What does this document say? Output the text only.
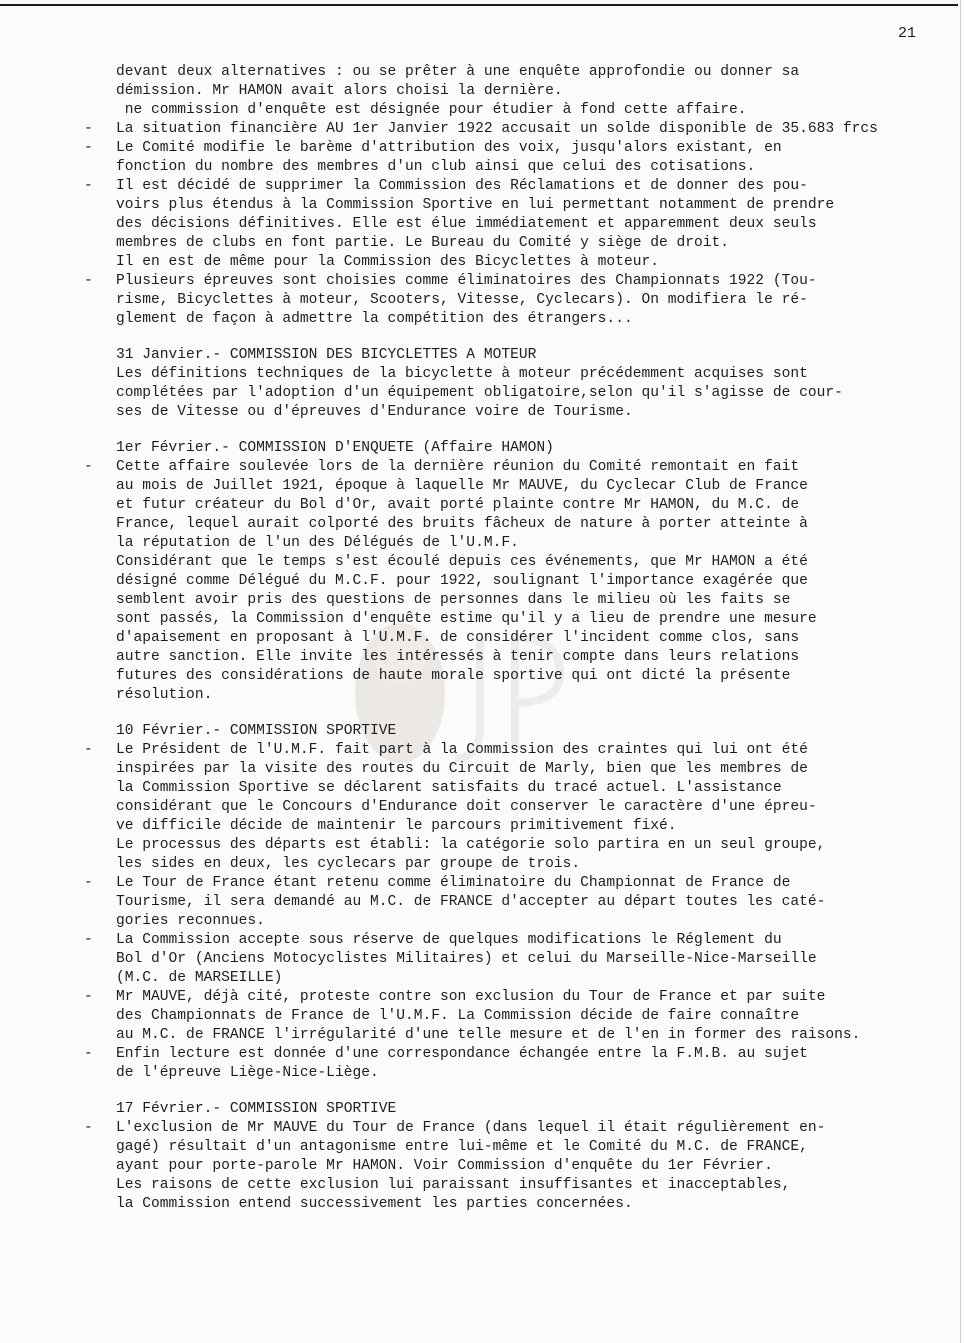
21
devant deux alternatives : ou se prêter à une enquête approfondie ou donner sa
démission. Mr HAMON avait alors choisi la dernière.
ne commission d'enquête est désignée pour étudier à fond cette affaire.
- La situation financière AU 1er Janvier 1922 accusait un solde disponible de 35.683 frcs
- Le Comité modifie le barème d'attribution des voix, jusqu'alors existant, en
fonction du nombre des membres d'un club ainsi que celui des cotisations.
- Il est décidé de supprimer la Commission des Réclamations et de donner des pou-
voirs plus étendus à la Commission Sportive en lui permettant notamment de prendre
des décisions définitives. Elle est élue immédiatement et apparemment deux seuls
membres de clubs en font partie. Le Bureau du Comité y siège de droit.
Il en est de même pour la Commission des Bicyclettes à moteur.
- Plusieurs épreuves sont choisies comme éliminatoires des Championnats 1922 (Tou-
risme, Bicyclettes à moteur, Scooters, Vitesse, Cyclecars). On modifiera le ré-
glement de façon à admettre la compétition des étrangers...
31 Janvier.- COMMISSION DES BICYCLETTES A MOTEUR
Les définitions techniques de la bicyclette à moteur précédemment acquises sont
complétées par l'adoption d'un équipement obligatoire,selon qu'il s'agisse de cour-
ses de Vitesse ou d'épreuves d'Endurance voire de Tourisme.
1er Février.- COMMISSION D'ENQUETE (Affaire HAMON)
- Cette affaire soulevée lors de la dernière réunion du Comité remontait en fait
au mois de Juillet 1921, époque à laquelle Mr MAUVE, du Cyclecar Club de France
et futur créateur du Bol d'Or, avait porté plainte contre Mr HAMON, du M.C. de
France, lequel aurait colporté des bruits fâcheux de nature à porter atteinte à
la réputation de l'un des Délégués de l'U.M.F.
Considérant que le temps s'est écoulé depuis ces événements, que Mr HAMON a été
désigné comme Délégué du M.C.F. pour 1922, soulignant l'importance exagérée que
semblent avoir pris des questions de personnes dans le milieu où les faits se
sont passés, la Commission d'enquête estime qu'il y a lieu de prendre une mesure
d'apaisement en proposant à l'U.M.F. de considérer l'incident comme clos, sans
autre sanction. Elle invite les intéressés à tenir compte dans leurs relations
futures des considérations de haute morale sportive qui ont dicté la présente
résolution.
10 Février.- COMMISSION SPORTIVE
- Le Président de l'U.M.F. fait part à la Commission des craintes qui lui ont été
inspirées par la visite des routes du Circuit de Marly, bien que les membres de
la Commission Sportive se déclarent satisfaits du tracé actuel. L'assistance
considérant que le Concours d'Endurance doit conserver le caractère d'une épreu-
ve difficile décide de maintenir le parcours primitivement fixé.
Le processus des départs est établi: la catégorie solo partira en un seul groupe,
les sides en deux, les cyclecars par groupe de trois.
- Le Tour de France étant retenu comme éliminatoire du Championnat de France de
Tourisme, il sera demandé au M.C. de FRANCE d'accepter au départ toutes les caté-
gories reconnues.
- La Commission accepte sous réserve de quelques modifications le Réglement du
Bol d'Or (Anciens Motocyclistes Militaires) et celui du Marseille-Nice-Marseille
(M.C. de MARSEILLE)
- Mr MAUVE, déjà cité, proteste contre son exclusion du Tour de France et par suite
des Championnats de France de l'U.M.F. La Commission décide de faire connaître
au M.C. de FRANCE l'irrégularité d'une telle mesure et de l'en in former des raisons.
- Enfin lecture est donnée d'une correspondance échangée entre la F.M.B. au sujet
de l'épreuve Liège-Nice-Liège.
17 Février.- COMMISSION SPORTIVE
- L'exclusion de Mr MAUVE du Tour de France (dans lequel il était régulièrement en-
gagé) résultait d'un antagonisme entre lui-même et le Comité du M.C. de FRANCE,
ayant pour porte-parole Mr HAMON. Voir Commission d'enquête du 1er Février.
Les raisons de cette exclusion lui paraissant insuffisantes et inacceptables,
la Commission entend successivement les parties concernées.
